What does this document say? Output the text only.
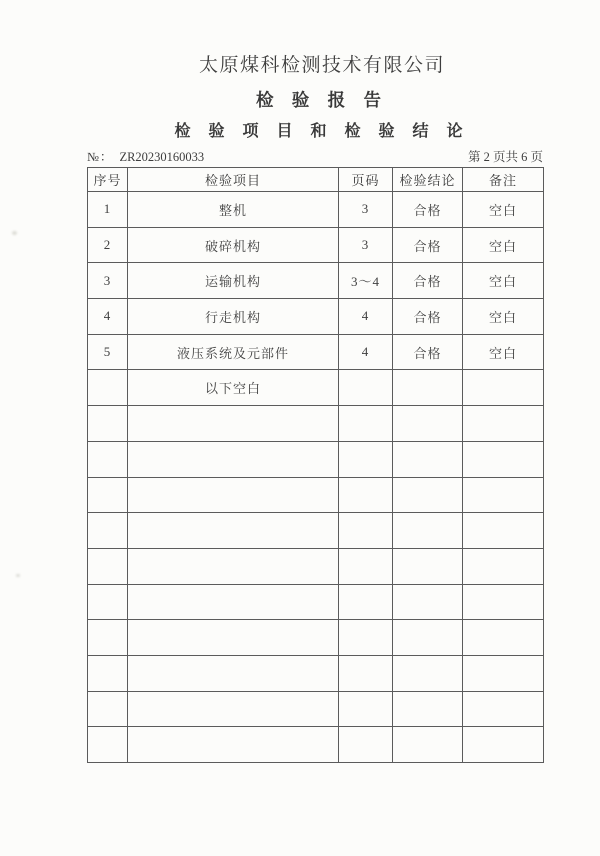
太原煤科检测技术有限公司
检 验 报 告
检 验 项 目 和 检 验 结 论
№： ZR20230160033	第 2 页共 6 页
序号	检验项目	页码	检验结论	备注
1	整机	3	合格	空白
2	破碎机构	3	合格	空白
3	运输机构	3～4	合格	空白
4	行走机构	4	合格	空白
5	液压系统及元部件	4	合格	空白
	以下空白			
